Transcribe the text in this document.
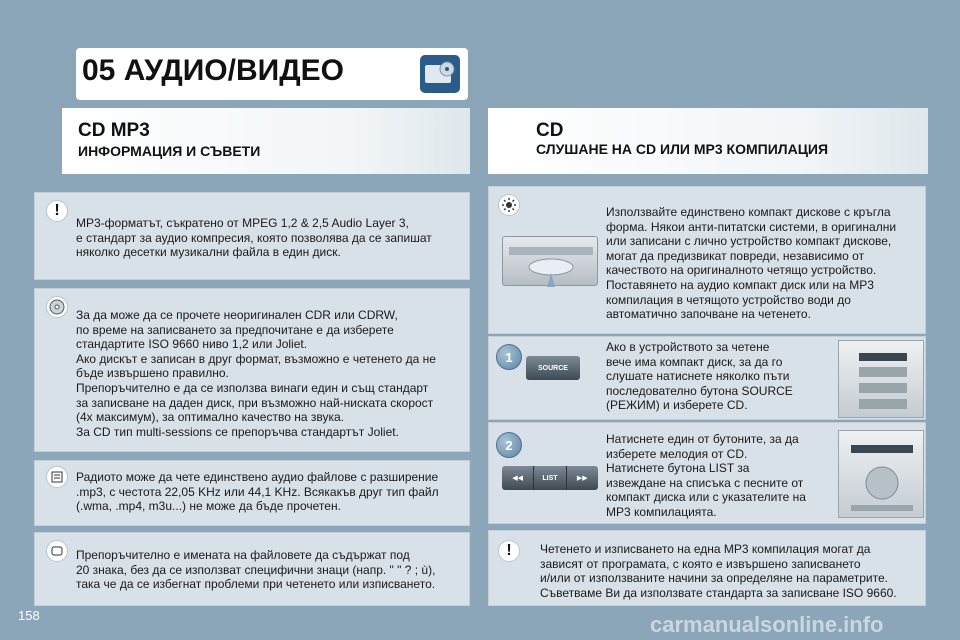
05 АУДИО/ВИДЕО
CD MP3
ИНФОРМАЦИЯ И СЪВЕТИ
CD
СЛУШАНЕ НА CD ИЛИ MP3 КОМПИЛАЦИЯ
!
MP3-форматът, съкратено от MPEG 1,2 & 2,5 Audio Layer 3,
е стандарт за аудио компресия, която позволява да се запишат
няколко десетки музикални файла в един диск.
За да може да се прочете неоригинален CDR или CDRW,
по време на записването за предпочитане е да изберете
стандартите ISO 9660 ниво 1,2 или Joliet.
Ако дискът е записан в друг формат, възможно е четенето да не
бъде извършено правилно.
Препоръчително е да се използва винаги един и същ стандарт
за записване на даден диск, при възможно най-ниската скорост
(4x максимум), за оптимално качество на звука.
За CD тип multi-sessions се препоръчва стандартът Joliet.
Радиото може да чете единствено аудио файлове с разширение
.mp3, с честота 22,05 KHz или 44,1 KHz. Всякакъв друг тип файл
(.wma, .mp4, m3u...) не може да бъде прочетен.
Препоръчително е имената на файловете да съдържат под
20 знака, без да се използват специфични знаци (напр. " " ? ; ù),
така че да се избегнат проблеми при четенето или изписването.
Използвайте единствено компакт дискове с кръгла
форма. Някои анти-питатски системи, в оригинални
или записани с лично устройство компакт дискове,
могат да предизвикат повреди, независимо от
качеството на оригиналното четящо устройство.
Поставянето на аудио компакт диск или на MP3
компилация в четящото устройство води до
автоматично започване на четенето.
1
SOURCE
Ако в устройството за четене
вече има компакт диск, за да го
слушате натиснете няколко пъти
последователно бутона SOURCE
(РЕЖИМ) и изберете CD.
2
◀◀	LIST	▶▶
Натиснете един от бутоните, за да
изберете мелодия от CD.
Натиснете бутона LIST за
извеждане на списъка с песните от
компакт диска или с указателите на
MP3 компилацията.
!	Четенето и изписването на една MP3 компилация могат да
зависят от програмата, с която е извършено записването
и/или от използваните начини за определяне на параметрите.
Съветваме Ви да използвате стандарта за записване ISO 9660.
158	carmanualsonline.info
